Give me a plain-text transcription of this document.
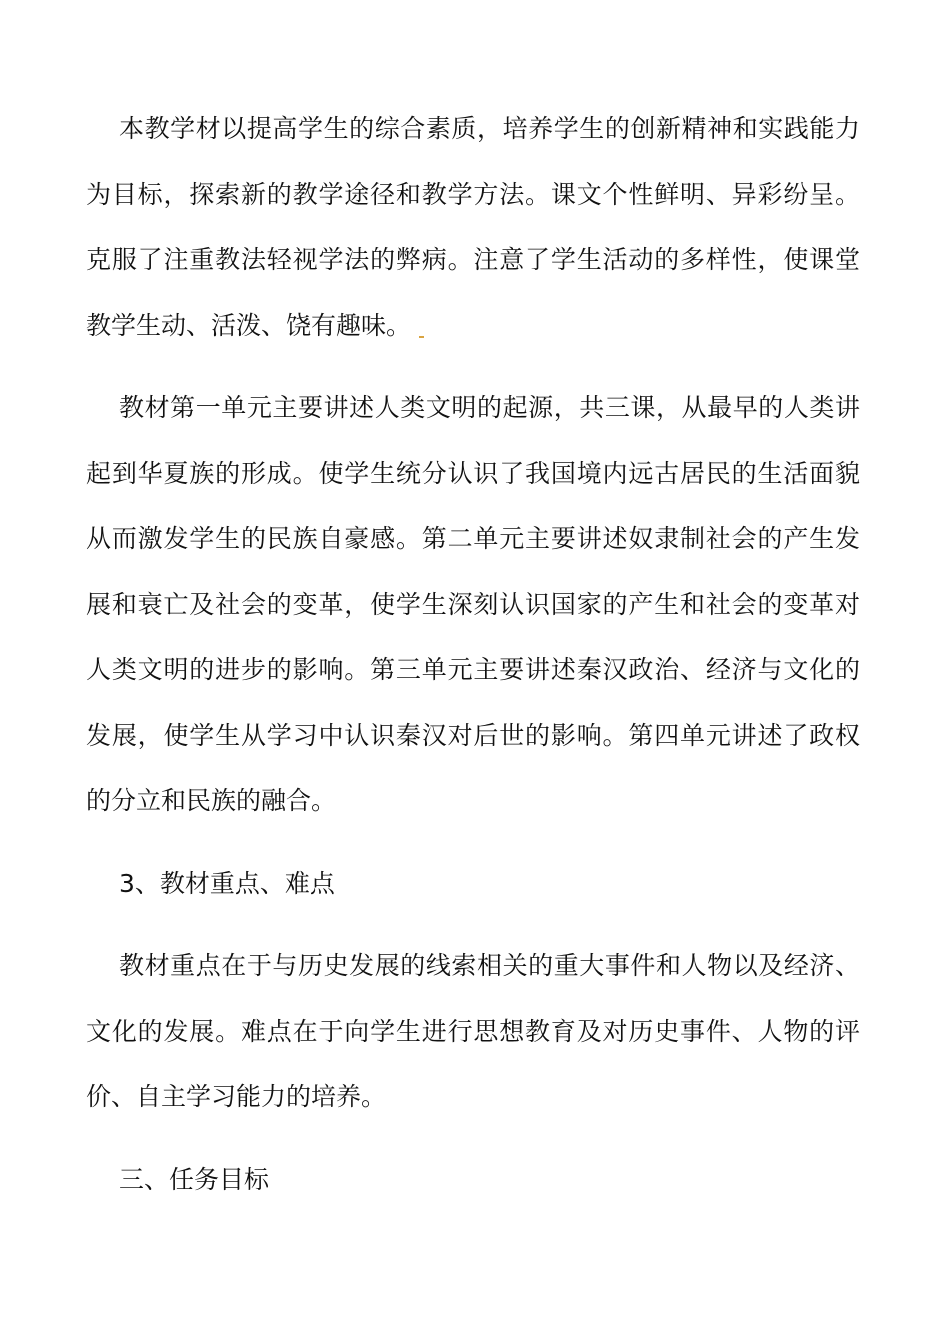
本教学材以提高学生的综合素质，培养学生的创新精神和实践能力为目标，探索新的教学途径和教学方法。课文个性鲜明、异彩纷呈。克服了注重教法轻视学法的弊病。注意了学生活动的多样性，使课堂教学生动、活泼、饶有趣味。

教材第一单元主要讲述人类文明的起源，共三课，从最早的人类讲起到华夏族的形成。使学生统分认识了我国境内远古居民的生活面貌从而激发学生的民族自豪感。第二单元主要讲述奴隶制社会的产生发展和衰亡及社会的变革，使学生深刻认识国家的产生和社会的变革对人类文明的进步的影响。第三单元主要讲述秦汉政治、经济与文化的发展，使学生从学习中认识秦汉对后世的影响。第四单元讲述了政权的分立和民族的融合。

3、教材重点、难点

教材重点在于与历史发展的线索相关的重大事件和人物以及经济、文化的发展。难点在于向学生进行思想教育及对历史事件、人物的评价、自主学习能力的培养。

三、任务目标
